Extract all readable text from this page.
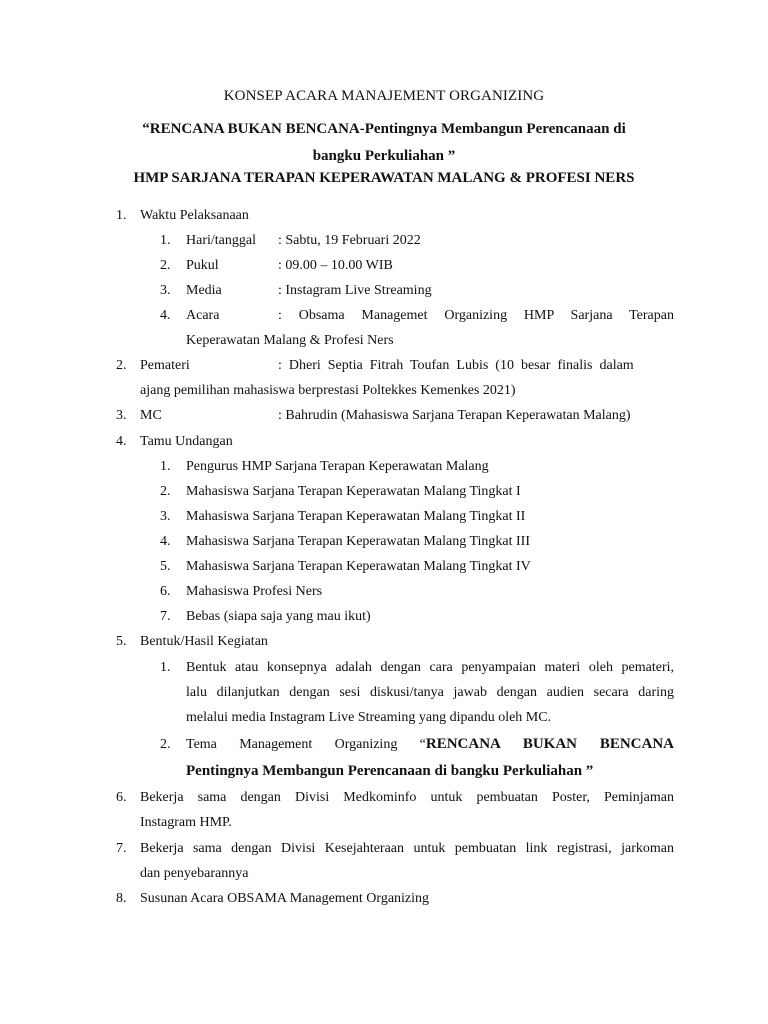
KONSEP ACARA MANAJEMENT ORGANIZING

“RENCANA BUKAN BENCANA-Pentingnya Membangun Perencanaan di
bangku Perkuliahan ”

HMP SARJANA TERAPAN KEPERAWATAN MALANG & PROFESI NERS

1. Waktu Pelaksanaan
1. Hari/tanggal : Sabtu, 19 Februari 2022
2. Pukul	: 09.00 – 10.00 WIB
3. Media	: Instagram Live Streaming
4. Acara	:  Obsama  Managemet  Organizing  HMP  Sarjana  Terapan
Keperawatan Malang & Profesi Ners
2. Pemateri	:  Dheri  Septia  Fitrah  Toufan  Lubis  (10  besar  finalis  dalam
ajang pemilihan mahasiswa berprestasi Poltekkes Kemenkes 2021)
3. MC	: Bahrudin (Mahasiswa Sarjana Terapan Keperawatan Malang)
4. Tamu Undangan
1. Pengurus HMP Sarjana Terapan Keperawatan Malang
2. Mahasiswa Sarjana Terapan Keperawatan Malang Tingkat I
3. Mahasiswa Sarjana Terapan Keperawatan Malang Tingkat II
4. Mahasiswa Sarjana Terapan Keperawatan Malang Tingkat III
5. Mahasiswa Sarjana Terapan Keperawatan Malang Tingkat IV
6. Mahasiswa Profesi Ners
7. Bebas (siapa saja yang mau ikut)
5. Bentuk/Hasil Kegiatan
1. Bentuk atau konsepnya adalah dengan cara penyampaian materi oleh pemateri,
lalu dilanjutkan dengan sesi diskusi/tanya jawab dengan audien secara daring
melalui media Instagram Live Streaming yang dipandu oleh MC.
2. Tema  Management  Organizing  “RENCANA  BUKAN  BENCANA
Pentingnya Membangun Perencanaan di bangku Perkuliahan ”
6. Bekerja  sama  dengan  Divisi  Medkominfo  untuk  pembuatan  Poster,  Peminjaman
Instagram HMP.
7. Bekerja sama dengan Divisi Kesejahteraan untuk pembuatan link registrasi, jarkoman
dan penyebarannya
8. Susunan Acara OBSAMA Management Organizing
